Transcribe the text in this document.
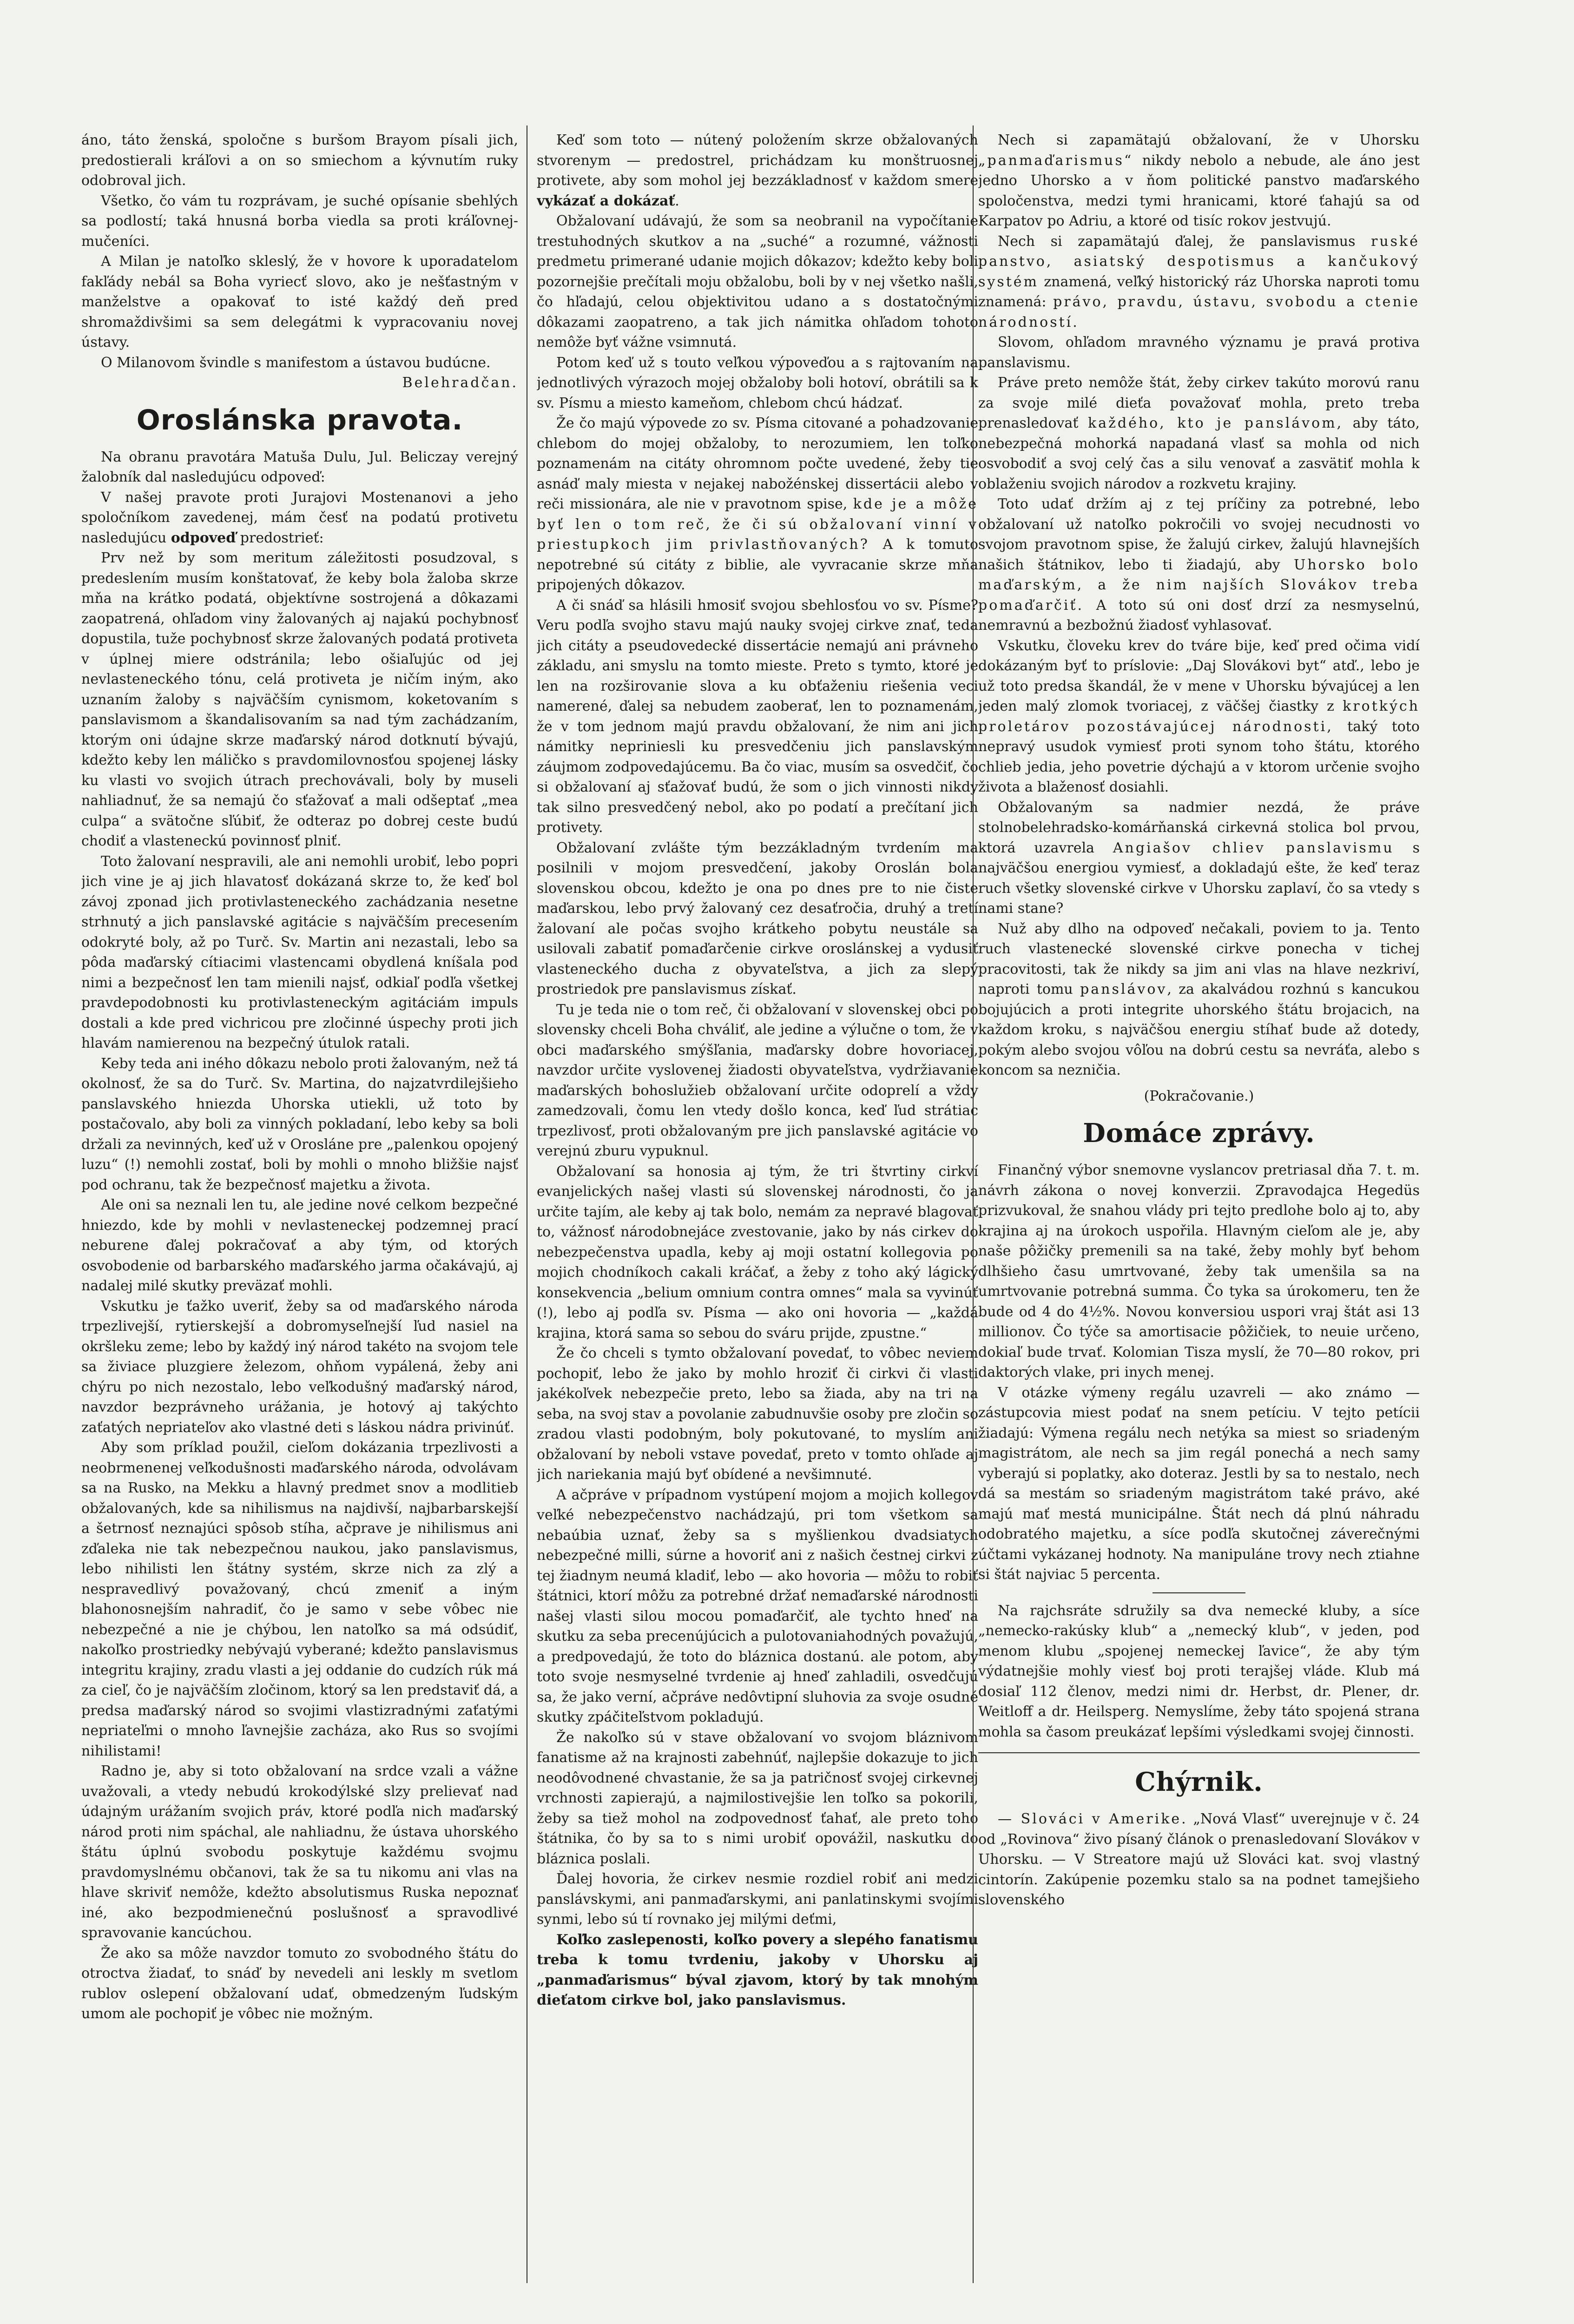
áno, táto ženská, spoločne s buršom Brayom písali jich, predostierali kráľovi a on so smiechom a kývnutím ruky odobroval jich.

Všetko, čo vám tu rozprávam, je suché opísanie sbehlých sa podlostí; taká hnusná borba viedla sa proti kráľovnej-mučeníci.

A Milan je natoľko skleslý, že v hovore k uporadatelom fakľády nebál sa Boha vyriecť slovo, ako je nešťastným v manželstve a opakovať to isté každý deň pred shromaždivšimi sa sem delegátmi k vypracovaniu novej ústavy.

O Milanovom švindle s manifestom a ústavou budúcne.

Belehradčan.

Oroslánska pravota.

Na obranu pravotára Matuša Dulu, Jul. Beliczay verejný žalobník dal nasledujúcu odpoveď:

V našej pravote proti Jurajovi Mostenanovi a jeho spoločníkom zavedenej, mám česť na podatú protivetu nasledujúcu odpoveď predostrieť:

Prv než by som meritum záležitosti posudzoval, s predeslením musím konštatovať, že keby bola žaloba skrze mňa na krátko podatá, objektívne sostrojená a dôkazami zaopatrená, ohľadom viny žalovaných aj najakú pochybnosť dopustila, tuže pochybnosť skrze žalovaných podatá protiveta v úplnej miere odstránila; lebo ošiaľujúc od jej nevlasteneckého tónu, celá protiveta je ničím iným, ako uznaním žaloby s najväčším cynismom, koketovaním s panslavismom a škandalisovaním sa nad tým zachádzaním, ktorým oni údajne skrze maďarský národ dotknutí bývajú, kdežto keby len máličko s pravdomilovnosťou spojenej lásky ku vlasti vo svojich útrach prechovávali, boly by museli nahliadnuť, že sa nemajú čo sťažovať a mali odšeptať „mea culpa“ a svätočne sľúbiť, že odteraz po dobrej ceste budú chodiť a vlasteneckú povinnosť plniť.

Toto žalovaní nespravili, ale ani nemohli urobiť, lebo popri jich vine je aj jich hlavatosť dokázaná skrze to, že keď bol závoj zponad jich protivlasteneckého zachádzania nesetne strhnutý a jich panslavské agitácie s najväčším precesením odokryté boly, až po Turč. Sv. Martin ani nezastali, lebo sa pôda maďarský cítiacimi vlastencami obydlená kníšala pod nimi a bezpečnosť len tam mienili najsť, odkiaľ podľa všetkej pravdepodobnosti ku protivlasteneckým agitáciám impuls dostali a kde pred vichricou pre zločinné úspechy proti jich hlavám namierenou na bezpečný útulok ratali.

Keby teda ani iného dôkazu nebolo proti žalovaným, než tá okolnosť, že sa do Turč. Sv. Martina, do najzatvrdilejšieho panslavského hniezda Uhorska utiekli, už toto by postačovalo, aby boli za vinných pokladaní, lebo keby sa boli držali za nevinných, keď už v Orosláne pre „palenkou opojený luzu“ (!) nemohli zostať, boli by mohli o mnoho bližšie najsť pod ochranu, tak že bezpečnosť majetku a života.

Ale oni sa neznali len tu, ale jedine nové celkom bezpečné hniezdo, kde by mohli v nevlasteneckej podzemnej prací neburene ďalej pokračovať a aby tým, od ktorých osvobodenie od barbarského maďarského jarma očakávajú, aj nadalej milé skutky preväzať mohli.

Vskutku je ťažko uveriť, žeby sa od maďarského národa trpezlivejší, rytierskejší a dobromyseľnejší ľud nasiel na okršleku zeme; lebo by každý iný národ takéto na svojom tele sa živiace pluzgiere železom, ohňom vypálená, žeby ani chýru po nich nezostalo, lebo veľkodušný maďarský národ, navzdor bezprávneho urážania, je hotový aj takýchto zaťatých nepriateľov ako vlastné deti s láskou nádra privinúť.

Aby som príklad použil, cieľom dokázania trpezlivosti a neobrmenenej veľkodušnosti maďarského národa, odvolávam sa na Rusko, na Mekku a hlavný predmet snov a modlitieb obžalovaných, kde sa nihilismus na najdivší, najbarbarskejší a šetrnosť neznajúci spôsob stíha, ačprave je nihilismus ani zďaleka nie tak nebezpečnou naukou, jako panslavismus, lebo nihilisti len štátny systém, skrze nich za zlý a nespravedlivý považovaný, chcú zmeniť a iným blahonosnejším nahradiť, čo je samo v sebe vôbec nie nebezpečné a nie je chýbou, len natoľko sa má odsúdiť, nakoľko prostriedky nebývajú vyberané; kdežto panslavismus integritu krajiny, zradu vlasti a jej oddanie do cudzích rúk má za cieľ, čo je najväčším zločinom, ktorý sa len predstaviť dá, a predsa maďarský národ so svojimi vlastizradnými zaťatými nepriateľmi o mnoho ľavnejšie zacháza, ako Rus so svojími nihilistami!

Radno je, aby si toto obžalovaní na srdce vzali a vážne uvažovali, a vtedy nebudú krokodýlské slzy prelievať nad údajným urážaním svojich práv, ktoré podľa nich maďarský národ proti nim spáchal, ale nahliadnu, že ústava uhorského štátu úplnú svobodu poskytuje každému svojmu pravdomyslnému občanovi, tak že sa tu nikomu ani vlas na hlave skriviť nemôže, kdežto absolutismus Ruska nepoznať iné, ako bezpodmienečnú poslušnosť a spravodlivé spravovanie kancúchou.

Že ako sa môže navzdor tomuto zo svobodného štátu do otroctva žiadať, to snáď by nevedeli ani leskly m svetlom rublov oslepení obžalovaní udať, obmedzeným ľudským umom ale pochopiť je vôbec nie možným.

Keď som toto — nútený položením skrze obžalovaných stvorenym — predostrel, prichádzam ku monštruosnej protivete, aby som mohol jej bezzákladnosť v každom smere vykázať a dokázať.

Obžalovaní udávajú, že som sa neobranil na vypočítanie trestuhodných skutkov a na „suché“ a rozumné, vážnosti predmetu primerané udanie mojich dôkazov; kdežto keby boli pozornejšie prečítali moju obžalobu, boli by v nej všetko našli, čo hľadajú, celou objektivitou udano a s dostatočnými dôkazami zaopatreno, a tak jich námitka ohľadom tohoto nemôže byť vážne vsimnutá.

Potom keď už s touto veľkou výpoveďou a s rajtovaním na jednotlivých výrazoch mojej obžaloby boli hotoví, obrátili sa k sv. Písmu a miesto kameňom, chlebom chcú hádzať.

Že čo majú výpovede zo sv. Písma citované a pohadzovanie chlebom do mojej obžaloby, to nerozumiem, len toľko poznamenám na citáty ohromnom počte uvedené, žeby tie asnáď maly miesta v nejakej nabožénskej dissertácii alebo v reči missionára, ale nie v pravotnom spise, kde je a môže byť len o tom reč, že či sú obžalovaní vinní v priestupkoch jim privlastňovaných? A k tomuto nepotrebné sú citáty z biblie, ale vyvracanie skrze mňa pripojených dôkazov.

A či snáď sa hlásili hmosiť svojou sbehlosťou vo sv. Písme? Veru podľa svojho stavu majú nauky svojej cirkve znať, teda jich citáty a pseudovedecké dissertácie nemajú ani právneho základu, ani smyslu na tomto mieste. Preto s tymto, ktoré je len na rozširovanie slova a ku obťaženiu riešenia veci namerené, ďalej sa nebudem zaoberať, len to poznamenám, že v tom jednom majú pravdu obžalovaní, že nim ani jich námitky nepriniesli ku presvedčeniu jich panslavským záujmom zodpovedajúcemu. Ba čo viac, musím sa osvedčiť, čo si obžalovaní aj sťažovať budú, že som o jich vinnosti nikdy tak silno presvedčený nebol, ako po podatí a prečítaní jich protivety.

Obžalovaní zvlášte tým bezzákladným tvrdením ma posilnili v mojom presvedčení, jakoby Oroslán bola slovenskou obcou, kdežto je ona po dnes pre to nie čiste maďarskou, lebo prvý žalovaný cez desaťročia, druhý a tretí žalovaní ale počas svojho krátkeho pobytu neustále sa usilovali zabatiť pomaďarčenie cirkve oroslánskej a vydusiť vlasteneckého ducha z obyvateľstva, a jich za slepý prostriedok pre panslavismus získať.

Tu je teda nie o tom reč, či obžalovaní v slovenskej obci po slovensky chceli Boha chváliť, ale jedine a výlučne o tom, že v obci maďarského smýšľania, maďarsky dobre hovoriacej, navzdor určite vyslovenej žiadosti obyvateľstva, vydržiavanie maďarských bohoslužieb obžalovaní určite odoprelí a vždy zamedzovali, čomu len vtedy došlo konca, keď ľud strátiac trpezlivosť, proti obžalovaným pre jich panslavské agitácie vo verejnú zburu vypuknul.

Obžalovaní sa honosia aj tým, že tri štvrtiny cirkví evanjelických našej vlasti sú slovenskej národnosti, čo ja určite tajím, ale keby aj tak bolo, nemám za nepravé blagovať to, vážnosť národobnejáce zvestovanie, jako by nás cirkev do nebezpečenstva upadla, keby aj moji ostatní kollegovia po mojich chodníkoch cakali kráčať, a žeby z toho aký lágický konsekvencia „belium omnium contra omnes“ mala sa vyvinúť (!), lebo aj podľa sv. Písma — ako oni hovoria — „každá krajina, ktorá sama so sebou do sváru prijde, zpustne.“

Že čo chceli s tymto obžalovaní povedať, to vôbec neviem pochopiť, lebo že jako by mohlo hroziť či cirkvi či vlasti jakékoľvek nebezpečie preto, lebo sa žiada, aby na tri na seba, na svoj stav a povolanie zabudnuvšie osoby pre zločin so zradou vlasti podobným, boly pokutované, to myslím ani obžalovaní by neboli vstave povedať, preto v tomto ohľade aj jich nariekania majú byť obídené a nevšimnuté.

A ačpráve v prípadnom vystúpení mojom a mojich kollegov veľké nebezpečenstvo nachádzajú, pri tom všetkom sa nebaúbia uznať, žeby sa s myšlienkou dvadsiatych nebezpečné milli, súrne a hovoriť ani z našich čestnej cirkvi z tej žiadnym neumá kladiť, lebo — ako hovoria — môžu to robiť štátnici, ktorí môžu za potrebné držať nemaďarské národnosti našej vlasti silou mocou pomaďarčiť, ale tychto hneď na skutku za seba precenújúcich a pulotovaniahodných považujú, a predpovedajú, že toto do bláznica dostanú. ale potom, aby toto svoje nesmyselné tvrdenie aj hneď zahladili, osvedčujú sa, že jako verní, ačpráve nedôvtipní sluhovia za svoje osudné skutky zpáčiteľstvom pokladujú.

Že nakoľko sú v stave obžalovaní vo svojom bláznivom fanatisme až na krajnosti zabehnúť, najlepšie dokazuje to jich neodôvodnené chvastanie, že sa ja patričnosť svojej cirkevnej vrchnosti zapierajú, a najmilostivejšie len toľko sa pokorili, žeby sa tiež mohol na zodpovednosť ťahať, ale preto toho štátnika, čo by sa to s nimi urobiť opovážil, naskutku do bláznica poslali.

Ďalej hovoria, že cirkev nesmie rozdiel robiť ani medzi panslávskymi, ani panmaďarskymi, ani panlatinskymi svojími synmi, lebo sú tí rovnako jej milými deťmi,

Koľko zaslepenosti, koľko povery a slepého fanatismu treba k tomu tvrdeniu, jakoby v Uhorsku aj „panmaďarismus“ býval zjavom, ktorý by tak mnohým dieťatom cirkve bol, jako panslavismus.

Nech si zapamätajú obžalovaní, že v Uhorsku „panmaďarismus“ nikdy nebolo a nebude, ale áno jest jedno Uhorsko a v ňom politické panstvo maďarského spoločenstva, medzi tymi hranicami, ktoré ťahajú sa od Karpatov po Adriu, a ktoré od tisíc rokov jestvujú.

Nech si zapamätajú ďalej, že panslavismus ruské panstvo, asiatský despotismus a kančukový systém znamená, veľký historický ráz Uhorska naproti tomu znamená: právo, pravdu, ústavu, svobodu a ctenie národností.

Slovom, ohľadom mravného významu je pravá protiva panslavismu.

Práve preto nemôže štát, žeby cirkev takúto morovú ranu za svoje milé dieťa považovať mohla, preto treba prenasledovať každého, kto je panslávom, aby táto, nebezpečná mohorká napadaná vlasť sa mohla od nich osvobodiť a svoj celý čas a silu venovať a zasvätiť mohla k oblaženiu svojich národov a rozkvetu krajiny.

Toto udať držím aj z tej príčiny za potrebné, lebo obžalovaní už natoľko pokročili vo svojej necudnosti vo svojom pravotnom spise, že žalujú cirkev, žalujú hlavnejších našich štátnikov, lebo ti žiadajú, aby Uhorsko bolo maďarským, a že nim najších Slovákov treba pomaďarčiť. A toto sú oni dosť drzí za nesmyselnú, nemravnú a bezbožnú žiadosť vyhlasovať.

Vskutku, človeku krev do tváre bije, keď pred očima vidí dokázaným byť to príslovie: „Daj Slovákovi byt“ atď., lebo je už toto predsa škandál, že v mene v Uhorsku bývajúcej a len jeden malý zlomok tvoriacej, z väčšej čiastky z krotkých proletárov pozostávajúcej národnosti, taký toto nepravý usudok vymiesť proti synom toho štátu, ktorého chlieb jedia, jeho povetrie dýchajú a v ktorom určenie svojho života a blaženosť dosiahli.

Obžalovaným sa nadmier nezdá, že práve stolnobelehradsko-komárňanská cirkevná stolica bol prvou, ktorá uzavrela Angiašov chliev panslavismu s najväčšou energiou vymiesť, a dokladajú ešte, že keď teraz ruch všetky slovenské cirkve v Uhorsku zaplaví, čo sa vtedy s nami stane?

Nuž aby dlho na odpoveď nečakali, poviem to ja. Tento ruch vlastenecké slovenské cirkve ponecha v tichej pracovitosti, tak že nikdy sa jim ani vlas na hlave nezkriví, naproti tomu panslávov, za akalvádou rozhnú s kancukou bojujúcich a proti integrite uhorského štátu brojacich, na každom kroku, s najväčšou energiu stíhať bude až dotedy, pokým alebo svojou vôľou na dobrú cestu sa nevráťa, alebo s koncom sa nezničia.

(Pokračovanie.)

Domáce zprávy.

Finančný výbor snemovne vyslancov pretriasal dňa 7. t. m. návrh zákona o novej konverzii. Zpravodajca Hegedüs prizvukoval, že snahou vlády pri tejto predlohe bolo aj to, aby krajina aj na úrokoch uspořila. Hlavným cieľom ale je, aby naše pôžičky premenili sa na také, žeby mohly byť behom dlhšieho času umrtvované, žeby tak umenšila sa na umrtvovanie potrebná summa. Čo tyka sa úrokomeru, ten že bude od 4 do 4½%. Novou konversiou uspori vraj štát asi 13 millionov. Čo týče sa amortisacie pôžičiek, to neuie určeno, dokiaľ bude trvať. Kolomian Tisza myslí, že 70—80 rokov, pri daktorých vlake, pri inych menej.

V otázke výmeny regálu uzavreli — ako známo — zástupcovia miest podať na snem petíciu. V tejto petícii žiadajú: Výmena regálu nech netýka sa miest so sriadeným magistrátom, ale nech sa jim regál ponechá a nech samy vyberajú si poplatky, ako doteraz. Jestli by sa to nestalo, nech dá sa mestám so sriadeným magistrátom také právo, aké majú mať mestá municipálne. Štát nech dá plnú náhradu odobratého majetku, a síce podľa skutočnej záverečnými účtami vykázanej hodnoty. Na manipuláne trovy nech ztiahne si štát najviac 5 percenta.

Na rajchsráte sdružily sa dva nemecké kluby, a síce „nemecko-rakúsky klub“ a „nemecký klub“, v jeden, pod menom klubu „spojenej nemeckej ľavice“, že aby tým výdatnejšie mohly viesť boj proti terajšej vláde. Klub má dosiaľ 112 členov, medzi nimi dr. Herbst, dr. Plener, dr. Weitloff a dr. Heilsperg. Nemyslíme, žeby táto spojená strana mohla sa časom preukázať lepšími výsledkami svojej činnosti.

Chýrnik.

— Slováci v Amerike. „Nová Vlasť“ uverejnuje v č. 24 od „Rovinova“ živo písaný článok o prenasledovaní Slovákov v Uhorsku. — V Streatore majú už Slováci kat. svoj vlastný cintorín. Zakúpenie pozemku stalo sa na podnet tamejšieho slovenského
